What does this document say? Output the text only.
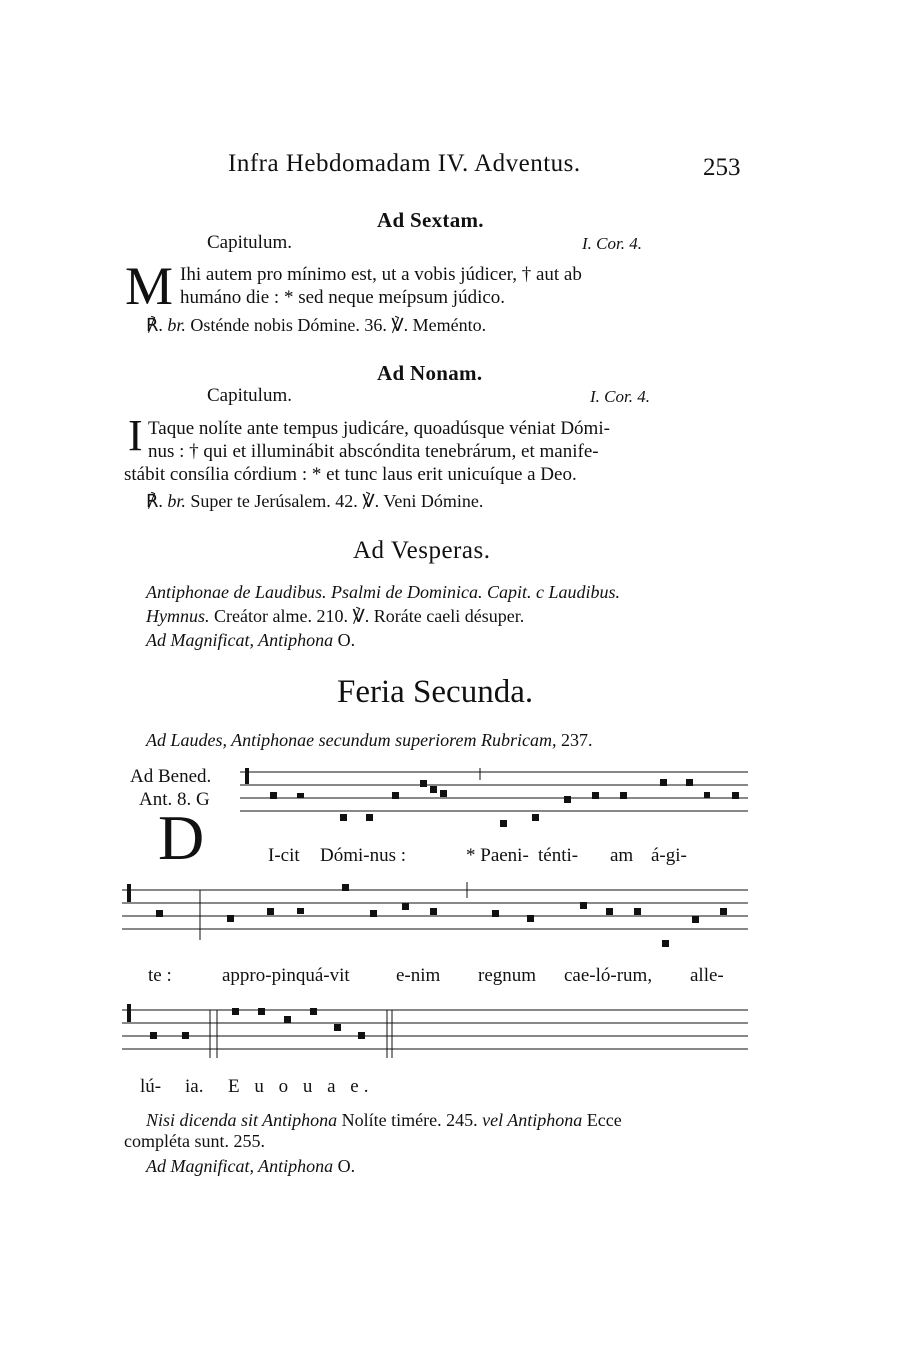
Infra Hebdomadam IV. Adventus.	253
Ad Sextam.
Capitulum.	I. Cor. 4.
M Ihi autem pro mínimo est, ut a vobis júdicer, † aut ab
humáno die : * sed neque meípsum júdico.
℟. br. Osténde nobis Dómine. 36. ℣. Meménto.
Ad Nonam.
Capitulum.	I. Cor. 4.
I Taque nolíte ante tempus judicáre, quoadúsque véniat Dómi-
nus : † qui et illuminábit abscóndita tenebrárum, et manife-
stábit consília córdium : * et tunc laus erit unicuíque a Deo.
℟. br. Super te Jerúsalem. 42. ℣. Veni Dómine.
Ad Vesperas.
Antiphonae de Laudibus. Psalmi de Dominica. Capit. c Laudibus.
Hymnus. Creátor alme. 210. ℣. Roráte caeli désuper.
Ad Magnificat, Antiphona O.
Feria Secunda.
Ad Laudes, Antiphonae secundum superiorem Rubricam, 237.
Ad Bened.
Ant. 8. G
D	I-cit Dómi-nus :	* Paeni- ténti- am á-gi-
te :	appro-pinquá-vit e-nim regnum cae-ló-rum, alle-
lú- ia. E u o u a e.
Nisi dicenda sit Antiphona Nolíte timére. 245. vel Antiphona Ecce
compléta sunt. 255.
Ad Magnificat, Antiphona O.
